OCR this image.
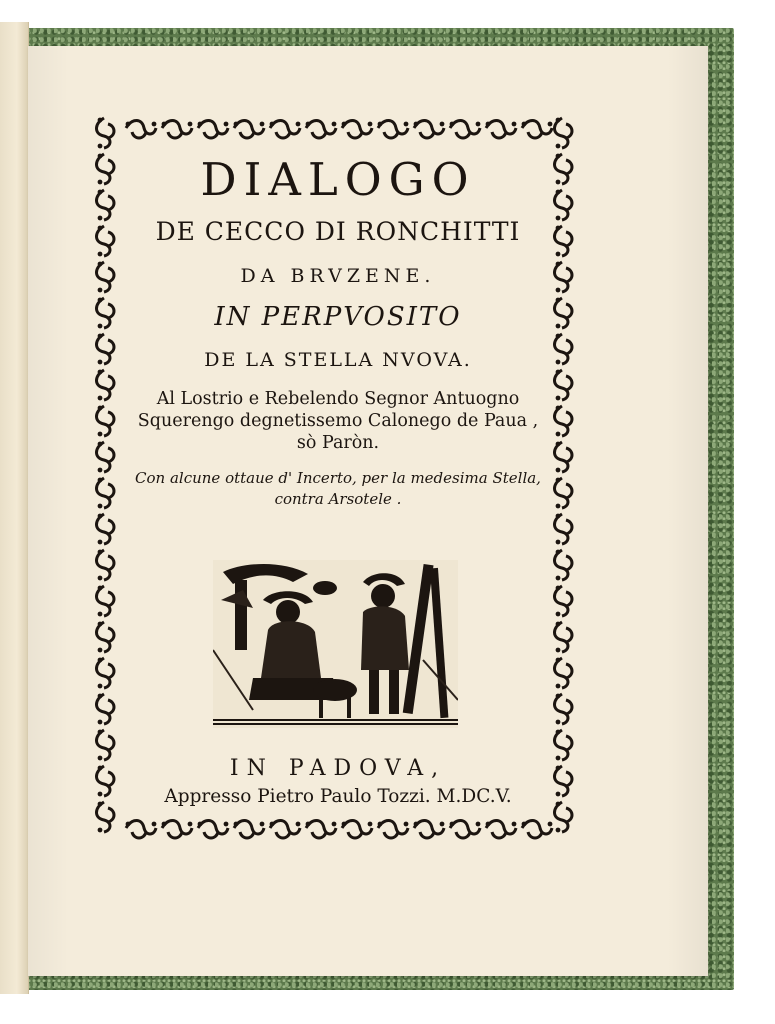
DIALOGO
DE CECCO DI RONCHITTI
DA BRVZENE.
IN PERPVOSITO
DE LA STELLA NVOVA.
Al Lostrio e Rebelendo Segnor Antuogno Squerengo degnetissemo Calonego de Paua , sò Paròn.
Con alcune ottaue d' Incerto, per la medesima Stella, contra Arsotele .
IN PADOVA,
Appresso Pietro Paulo Tozzi. M.DC.V.
